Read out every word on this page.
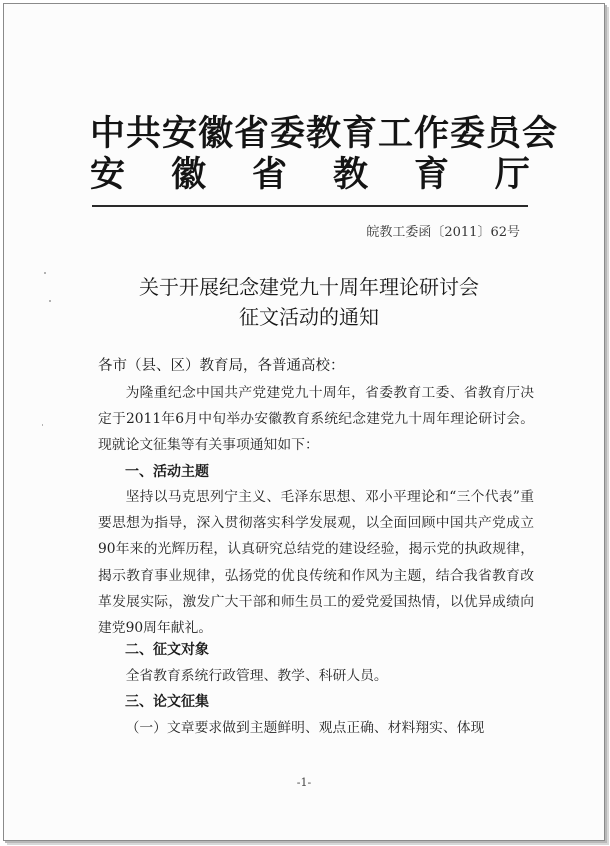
中共安徽省委教育工作委员会
安 徽 省 教 育 厅
皖教工委函〔2011〕62号
关于开展纪念建党九十周年理论研讨会
征文活动的通知
各市（县、区）教育局，各普通高校：
为隆重纪念中国共产党建党九十周年，省委教育工委、省教育厅决定于2011年6月中旬举办安徽教育系统纪念建党九十周年理论研讨会。现就论文征集等有关事项通知如下：
一、活动主题
坚持以马克思列宁主义、毛泽东思想、邓小平理论和“三个代表”重要思想为指导，深入贯彻落实科学发展观，以全面回顾中国共产党成立90年来的光辉历程，认真研究总结党的建设经验，揭示党的执政规律，揭示教育事业规律，弘扬党的优良传统和作风为主题，结合我省教育改革发展实际，激发广大干部和师生员工的爱党爱国热情，以优异成绩向建党90周年献礼。
二、征文对象
全省教育系统行政管理、教学、科研人员。
三、论文征集
（一）文章要求做到主题鲜明、观点正确、材料翔实、体现
-1-
